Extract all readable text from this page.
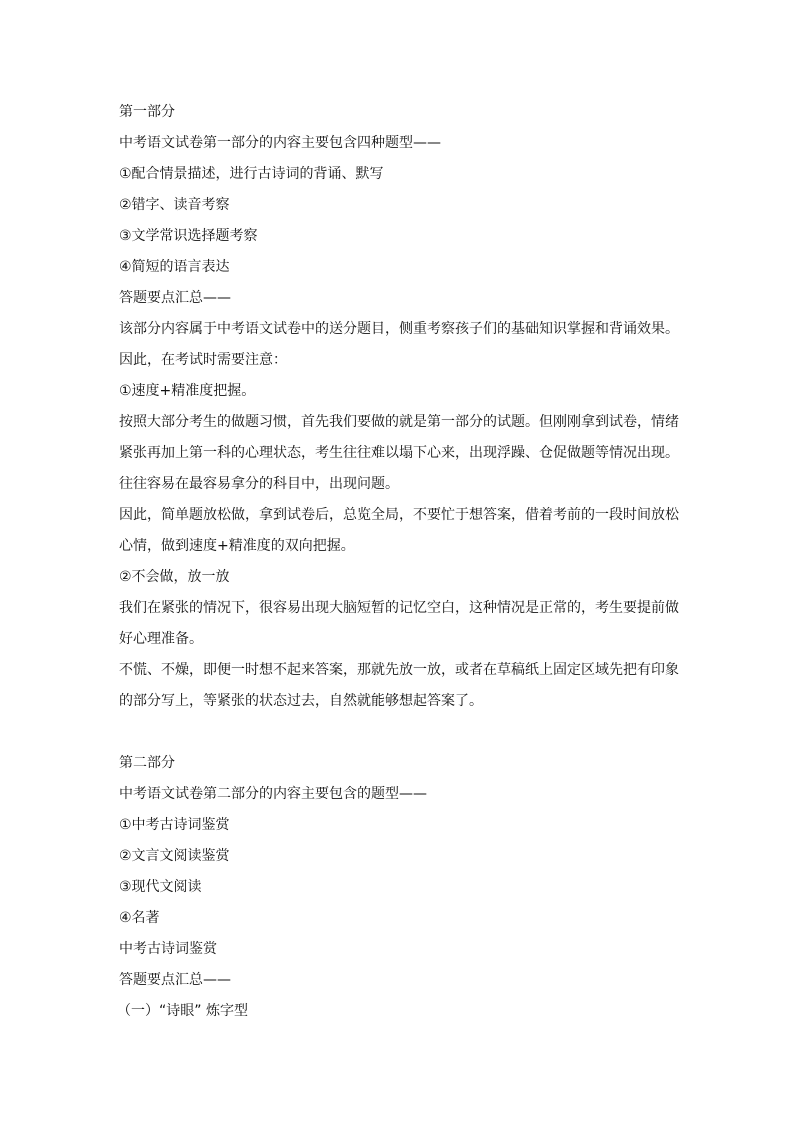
第一部分
中考语文试卷第一部分的内容主要包含四种题型——
①配合情景描述，进行古诗词的背诵、默写
②错字、读音考察
③文学常识选择题考察
④简短的语言表达
答题要点汇总——
该部分内容属于中考语文试卷中的送分题目，侧重考察孩子们的基础知识掌握和背诵效果。
因此，在考试时需要注意：
①速度+精准度把握。
按照大部分考生的做题习惯，首先我们要做的就是第一部分的试题。但刚刚拿到试卷，情绪
紧张再加上第一科的心理状态，考生往往难以塌下心来，出现浮躁、仓促做题等情况出现。
往往容易在最容易拿分的科目中，出现问题。
因此，简单题放松做，拿到试卷后，总览全局，不要忙于想答案，借着考前的一段时间放松
心情，做到速度+精准度的双向把握。
②不会做，放一放
我们在紧张的情况下，很容易出现大脑短暂的记忆空白，这种情况是正常的，考生要提前做
好心理准备。
不慌、不燥，即便一时想不起来答案，那就先放一放，或者在草稿纸上固定区域先把有印象
的部分写上，等紧张的状态过去，自然就能够想起答案了。
第二部分
中考语文试卷第二部分的内容主要包含的题型——
①中考古诗词鉴赏
②文言文阅读鉴赏
③现代文阅读
④名著
中考古诗词鉴赏
答题要点汇总——
（一）“诗眼” 炼字型
